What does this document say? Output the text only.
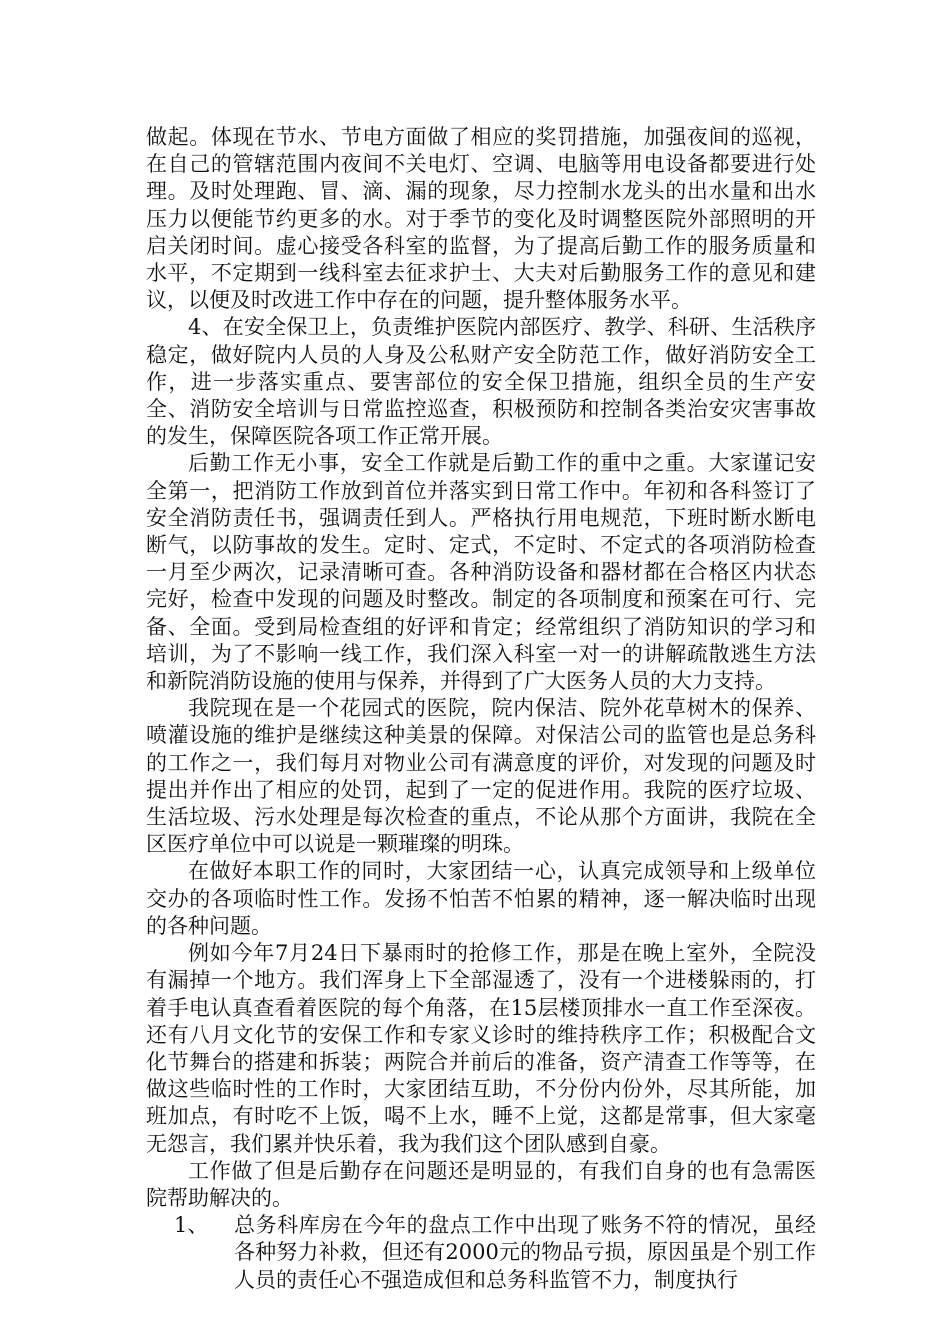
做起。体现在节水、节电方面做了相应的奖罚措施，加强夜间的巡视，在自己的管辖范围内夜间不关电灯、空调、电脑等用电设备都要进行处理。及时处理跑、冒、滴、漏的现象，尽力控制水龙头的出水量和出水压力以便能节约更多的水。对于季节的变化及时调整医院外部照明的开启关闭时间。虚心接受各科室的监督，为了提高后勤工作的服务质量和水平，不定期到一线科室去征求护士、大夫对后勤服务工作的意见和建议，以便及时改进工作中存在的问题，提升整体服务水平。

4、在安全保卫上，负责维护医院内部医疗、教学、科研、生活秩序稳定，做好院内人员的人身及公私财产安全防范工作，做好消防安全工作，进一步落实重点、要害部位的安全保卫措施，组织全员的生产安全、消防安全培训与日常监控巡查，积极预防和控制各类治安灾害事故的发生，保障医院各项工作正常开展。

后勤工作无小事，安全工作就是后勤工作的重中之重。大家谨记安全第一，把消防工作放到首位并落实到日常工作中。年初和各科签订了安全消防责任书，强调责任到人。严格执行用电规范，下班时断水断电断气，以防事故的发生。定时、定式，不定时、不定式的各项消防检查一月至少两次，记录清晰可查。各种消防设备和器材都在合格区内状态完好，检查中发现的问题及时整改。制定的各项制度和预案在可行、完备、全面。受到局检查组的好评和肯定；经常组织了消防知识的学习和培训，为了不影响一线工作，我们深入科室一对一的讲解疏散逃生方法和新院消防设施的使用与保养，并得到了广大医务人员的大力支持。

我院现在是一个花园式的医院，院内保洁、院外花草树木的保养、喷灌设施的维护是继续这种美景的保障。对保洁公司的监管也是总务科的工作之一，我们每月对物业公司有满意度的评价，对发现的问题及时提出并作出了相应的处罚，起到了一定的促进作用。我院的医疗垃圾、生活垃圾、污水处理是每次检查的重点，不论从那个方面讲，我院在全区医疗单位中可以说是一颗璀璨的明珠。

在做好本职工作的同时，大家团结一心，认真完成领导和上级单位交办的各项临时性工作。发扬不怕苦不怕累的精神，逐一解决临时出现的各种问题。

例如今年7月24日下暴雨时的抢修工作，那是在晚上室外，全院没有漏掉一个地方。我们浑身上下全部湿透了，没有一个进楼躲雨的，打着手电认真查看着医院的每个角落，在15层楼顶排水一直工作至深夜。还有八月文化节的安保工作和专家义诊时的维持秩序工作；积极配合文化节舞台的搭建和拆装；两院合并前后的准备，资产清查工作等等，在做这些临时性的工作时，大家团结互助，不分份内份外，尽其所能，加班加点，有时吃不上饭，喝不上水，睡不上觉，这都是常事，但大家毫无怨言，我们累并快乐着，我为我们这个团队感到自豪。

工作做了但是后勤存在问题还是明显的，有我们自身的也有急需医院帮助解决的。

1、 总务科库房在今年的盘点工作中出现了账务不符的情况，虽经各种努力补救，但还有2000元的物品亏损，原因虽是个别工作人员的责任心不强造成但和总务科监管不力，制度执行
